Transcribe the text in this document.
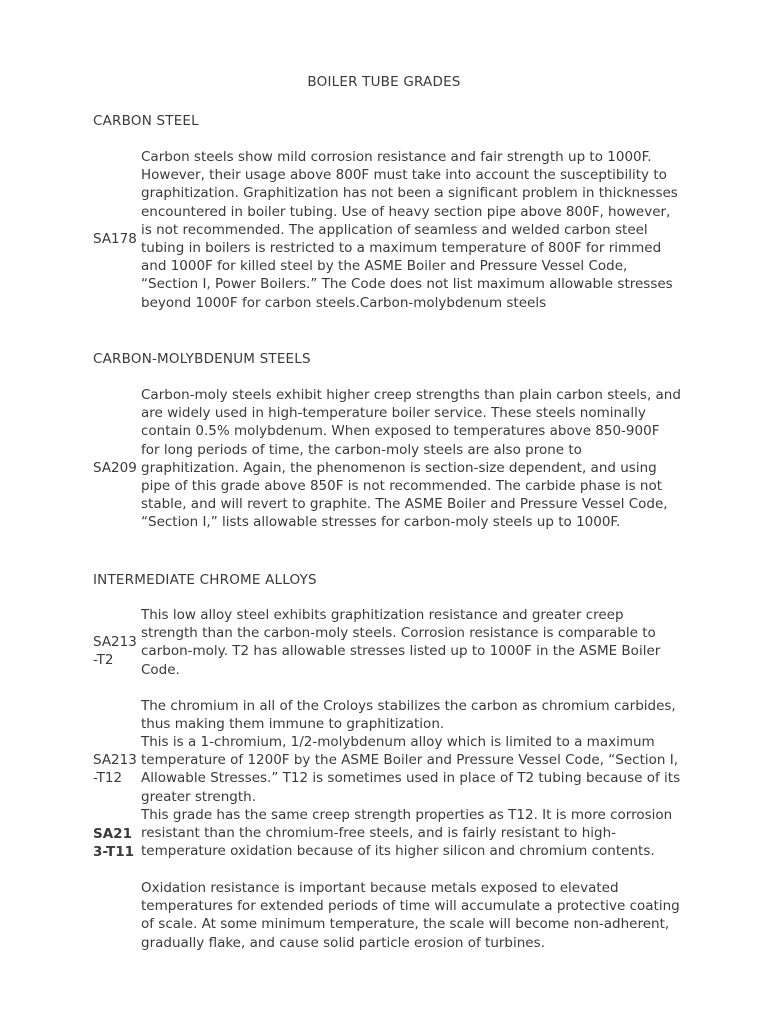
BOILER TUBE GRADES
CARBON STEEL
SA178

Carbon steels show mild corrosion resistance and fair strength up to 1000F. However, their usage above 800F must take into account the susceptibility to graphitization. Graphitization has not been a significant problem in thicknesses encountered in boiler tubing. Use of heavy section pipe above 800F, however, is not recommended. The application of seamless and welded carbon steel tubing in boilers is restricted to a maximum temperature of 800F for rimmed and 1000F for killed steel by the ASME Boiler and Pressure Vessel Code, “Section I, Power Boilers.” The Code does not list maximum allowable stresses beyond 1000F for carbon steels.Carbon-molybdenum steels

CARBON-MOLYBDENUM STEELS
SA209

Carbon-moly steels exhibit higher creep strengths than plain carbon steels, and are widely used in high-temperature boiler service. These steels nominally contain 0.5% molybdenum. When exposed to temperatures above 850-900F for long periods of time, the carbon-moly steels are also prone to graphitization. Again, the phenomenon is section-size dependent, and using pipe of this grade above 850F is not recommended. The carbide phase is not stable, and will revert to graphite. The ASME Boiler and Pressure Vessel Code, “Section I,” lists allowable stresses for carbon-moly steels up to 1000F.

INTERMEDIATE CHROME ALLOYS
SA213-T2

This low alloy steel exhibits graphitization resistance and greater creep strength than the carbon-moly steels. Corrosion resistance is comparable to carbon-moly. T2 has allowable stresses listed up to 1000F in the ASME Boiler Code.

The chromium in all of the Croloys stabilizes the carbon as chromium carbides, thus making them immune to graphitization.

SA213-T12

This is a 1-chromium, 1/2-molybdenum alloy which is limited to a maximum temperature of 1200F by the ASME Boiler and Pressure Vessel Code, “Section I, Allowable Stresses.” T12 is sometimes used in place of T2 tubing because of its greater strength.

SA213-T11

This grade has the same creep strength properties as T12. It is more corrosion resistant than the chromium-free steels, and is fairly resistant to high-temperature oxidation because of its higher silicon and chromium contents.

Oxidation resistance is important because metals exposed to elevated temperatures for extended periods of time will accumulate a protective coating of scale. At some minimum temperature, the scale will become non-adherent, gradually flake, and cause solid particle erosion of turbines.
